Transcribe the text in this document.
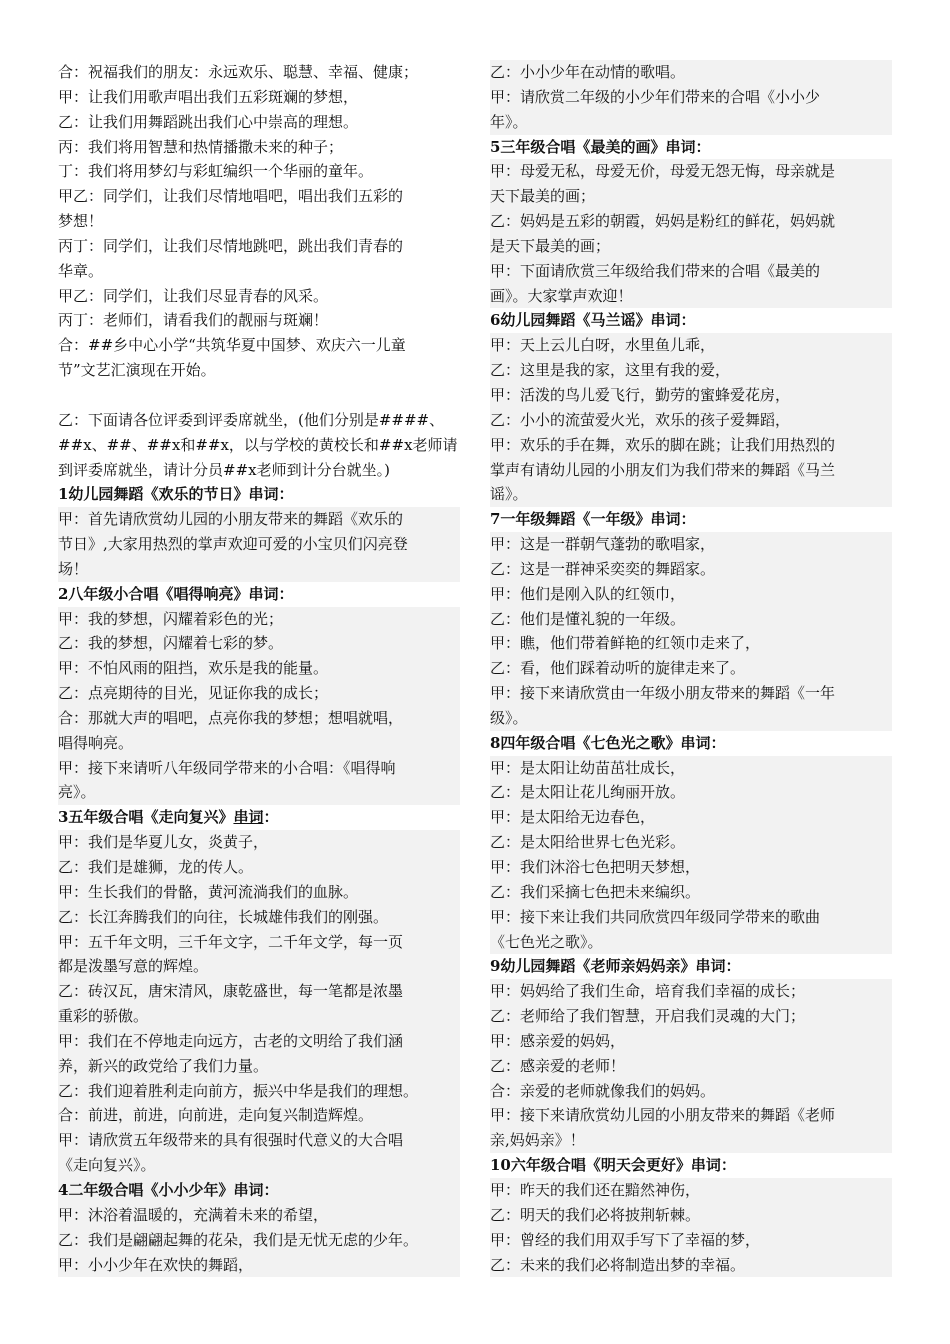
合：祝福我们的朋友：永远欢乐、聪慧、幸福、健康；
甲：让我们用歌声唱出我们五彩斑斓的梦想，
乙：让我们用舞蹈跳出我们心中崇高的理想。
丙：我们将用智慧和热情播撒未来的种子；
丁：我们将用梦幻与彩虹编织一个华丽的童年。
甲乙：同学们，让我们尽情地唱吧，唱出我们五彩的
梦想！
丙丁：同学们，让我们尽情地跳吧，跳出我们青春的
华章。
甲乙：同学们，让我们尽显青春的风采。
丙丁：老师们，请看我们的靓丽与斑斓！
合：##乡中心小学“共筑华夏中国梦、欢庆六一儿童
节”文艺汇演现在开始。
乙：下面请各位评委到评委席就坐，(他们分别是####、
##x、##、##x和##x，以与学校的黄校长和##x老师请
到评委席就坐，请计分员##x老师到计分台就坐。)
1幼儿园舞蹈《欢乐的节日》串词：
甲：首先请欣赏幼儿园的小朋友带来的舞蹈《欢乐的
节日》,大家用热烈的掌声欢迎可爱的小宝贝们闪亮登
场！
2八年级小合唱《唱得响亮》串词：
甲：我的梦想，闪耀着彩色的光；
乙：我的梦想，闪耀着七彩的梦。
甲：不怕风雨的阻挡，欢乐是我的能量。
乙：点亮期待的目光，见证你我的成长；
合：那就大声的唱吧，点亮你我的梦想；想唱就唱，
唱得响亮。
甲：接下来请听八年级同学带来的小合唱：《唱得响
亮》。
3五年级合唱《走向复兴》串词：
甲：我们是华夏儿女，炎黄子，
乙：我们是雄狮，龙的传人。
甲：生长我们的骨骼，黄河流淌我们的血脉。
乙：长江奔腾我们的向往，长城雄伟我们的刚强。
甲：五千年文明，三千年文字，二千年文学，每一页
都是泼墨写意的辉煌。
乙：砖汉瓦，唐宋清风，康乾盛世，每一笔都是浓墨
重彩的骄傲。
甲：我们在不停地走向远方，古老的文明给了我们涵
养，新兴的政党给了我们力量。
乙：我们迎着胜利走向前方，振兴中华是我们的理想。
合：前进，前进，向前进，走向复兴制造辉煌。
甲：请欣赏五年级带来的具有很强时代意义的大合唱
《走向复兴》。
4二年级合唱《小小少年》串词：
甲：沐浴着温暖的，充满着未来的希望，
乙：我们是翩翩起舞的花朵，我们是无忧无虑的少年。
甲：小小少年在欢快的舞蹈，
乙：小小少年在动情的歌唱。
甲：请欣赏二年级的小少年们带来的合唱《小小少
年》。
5三年级合唱《最美的画》串词：
甲：母爱无私，母爱无价，母爱无怨无悔，母亲就是
天下最美的画；
乙：妈妈是五彩的朝霞，妈妈是粉红的鲜花，妈妈就
是天下最美的画；
甲：下面请欣赏三年级给我们带来的合唱《最美的
画》。大家掌声欢迎！
6幼儿园舞蹈《马兰谣》串词：
甲：天上云儿白呀，水里鱼儿乖，
乙：这里是我的家，这里有我的爱，
甲：活泼的鸟儿爱飞行，勤劳的蜜蜂爱花房，
乙：小小的流萤爱火光，欢乐的孩子爱舞蹈，
甲：欢乐的手在舞，欢乐的脚在跳；让我们用热烈的
掌声有请幼儿园的小朋友们为我们带来的舞蹈《马兰
谣》。
7一年级舞蹈《一年级》串词：
甲：这是一群朝气蓬勃的歌唱家，
乙：这是一群神采奕奕的舞蹈家。
甲：他们是刚入队的红领巾，
乙：他们是懂礼貌的一年级。
甲：瞧，他们带着鲜艳的红领巾走来了，
乙：看，他们踩着动听的旋律走来了。
甲：接下来请欣赏由一年级小朋友带来的舞蹈《一年
级》。
8四年级合唱《七色光之歌》串词：
甲：是太阳让幼苗茁壮成长，
乙：是太阳让花儿绚丽开放。
甲：是太阳给无边春色，
乙：是太阳给世界七色光彩。
甲：我们沐浴七色把明天梦想，
乙：我们采摘七色把未来编织。
甲：接下来让我们共同欣赏四年级同学带来的歌曲
《七色光之歌》。
9幼儿园舞蹈《老师亲妈妈亲》串词：
甲：妈妈给了我们生命，培育我们幸福的成长；
乙：老师给了我们智慧，开启我们灵魂的大门；
甲：感亲爱的妈妈，
乙：感亲爱的老师！
合：亲爱的老师就像我们的妈妈。
甲：接下来请欣赏幼儿园的小朋友带来的舞蹈《老师
亲,妈妈亲》！
10六年级合唱《明天会更好》串词：
甲：昨天的我们还在黯然神伤，
乙：明天的我们必将披荆斩棘。
甲：曾经的我们用双手写下了幸福的梦，
乙：未来的我们必将制造出梦的幸福。
